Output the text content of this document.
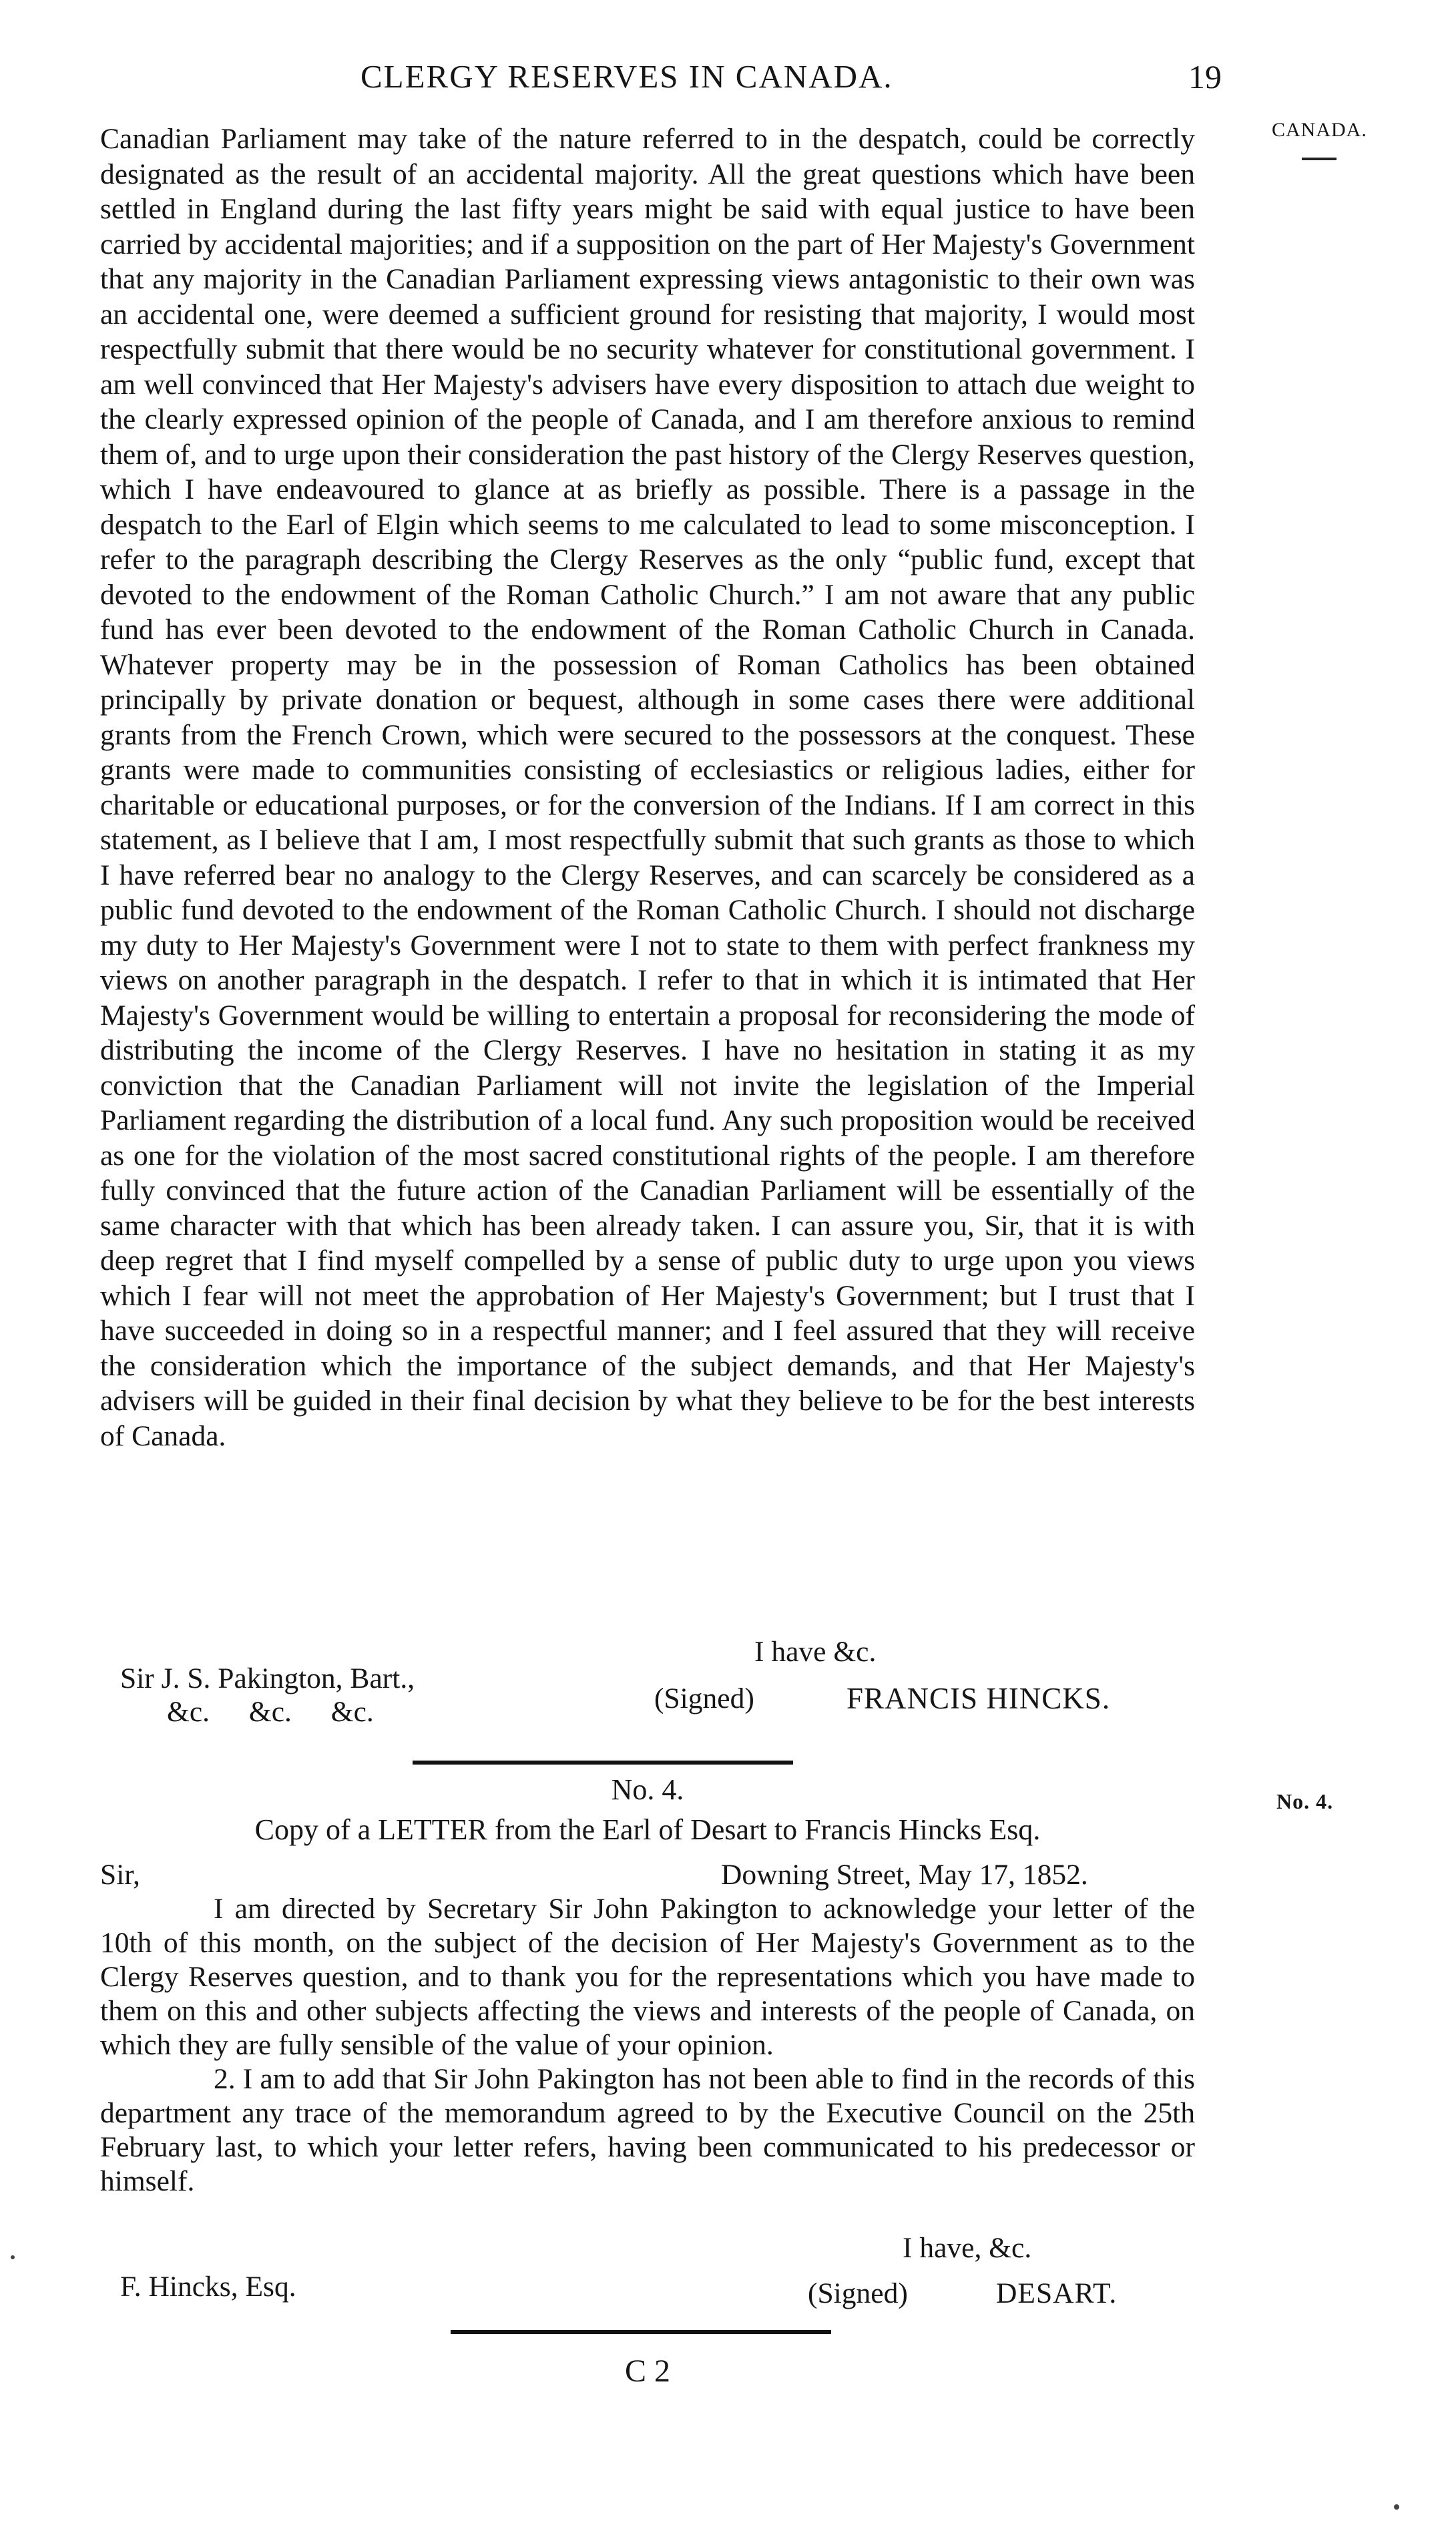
CLERGY RESERVES IN CANADA.	19
CANADA.

Canadian Parliament may take of the nature referred to in the despatch, could be correctly designated as the result of an accidental majority. All the great questions which have been settled in England during the last fifty years might be said with equal justice to have been carried by accidental majorities; and if a supposition on the part of Her Majesty's Government that any majority in the Canadian Parliament expressing views antagonistic to their own was an accidental one, were deemed a sufficient ground for resisting that majority, I would most respectfully submit that there would be no security whatever for constitutional government. I am well convinced that Her Majesty's advisers have every disposition to attach due weight to the clearly expressed opinion of the people of Canada, and I am therefore anxious to remind them of, and to urge upon their consideration the past history of the Clergy Reserves question, which I have endeavoured to glance at as briefly as possible. There is a passage in the despatch to the Earl of Elgin which seems to me calculated to lead to some misconception. I refer to the paragraph describing the Clergy Reserves as the only “public fund, except that devoted to the endowment of the Roman Catholic Church.” I am not aware that any public fund has ever been devoted to the endowment of the Roman Catholic Church in Canada. Whatever property may be in the possession of Roman Catholics has been obtained principally by private donation or bequest, although in some cases there were additional grants from the French Crown, which were secured to the possessors at the conquest. These grants were made to communities consisting of ecclesiastics or religious ladies, either for charitable or educational purposes, or for the conversion of the Indians. If I am correct in this statement, as I believe that I am, I most respectfully submit that such grants as those to which I have referred bear no analogy to the Clergy Reserves, and can scarcely be considered as a public fund devoted to the endowment of the Roman Catholic Church. I should not discharge my duty to Her Majesty's Government were I not to state to them with perfect frankness my views on another paragraph in the despatch. I refer to that in which it is intimated that Her Majesty's Government would be willing to entertain a proposal for reconsidering the mode of distributing the income of the Clergy Reserves. I have no hesitation in stating it as my conviction that the Canadian Parliament will not invite the legislation of the Imperial Parliament regarding the distribution of a local fund. Any such proposition would be received as one for the violation of the most sacred constitutional rights of the people. I am therefore fully convinced that the future action of the Canadian Parliament will be essentially of the same character with that which has been already taken. I can assure you, Sir, that it is with deep regret that I find myself compelled by a sense of public duty to urge upon you views which I fear will not meet the approbation of Her Majesty's Government; but I trust that I have succeeded in doing so in a respectful manner; and I feel assured that they will receive the consideration which the importance of the subject demands, and that Her Majesty's advisers will be guided in their final decision by what they believe to be for the best interests of Canada.

I have &c.
Sir J. S. Pakington, Bart.,
&c. &c. &c.	(Signed)	FRANCIS HINCKS.
No. 4.	No. 4.
Copy of a LETTER from the Earl of Desart to Francis Hincks Esq.
Sir,	Downing Street, May 17, 1852.

I am directed by Secretary Sir John Pakington to acknowledge your letter of the 10th of this month, on the subject of the decision of Her Majesty's Government as to the Clergy Reserves question, and to thank you for the representations which you have made to them on this and other subjects affecting the views and interests of the people of Canada, on which they are fully sensible of the value of your opinion.

2. I am to add that Sir John Pakington has not been able to find in the records of this department any trace of the memorandum agreed to by the Executive Council on the 25th February last, to which your letter refers, having been communicated to his predecessor or himself.

I have, &c.
F. Hincks, Esq.	(Signed)	DESART.
C 2
